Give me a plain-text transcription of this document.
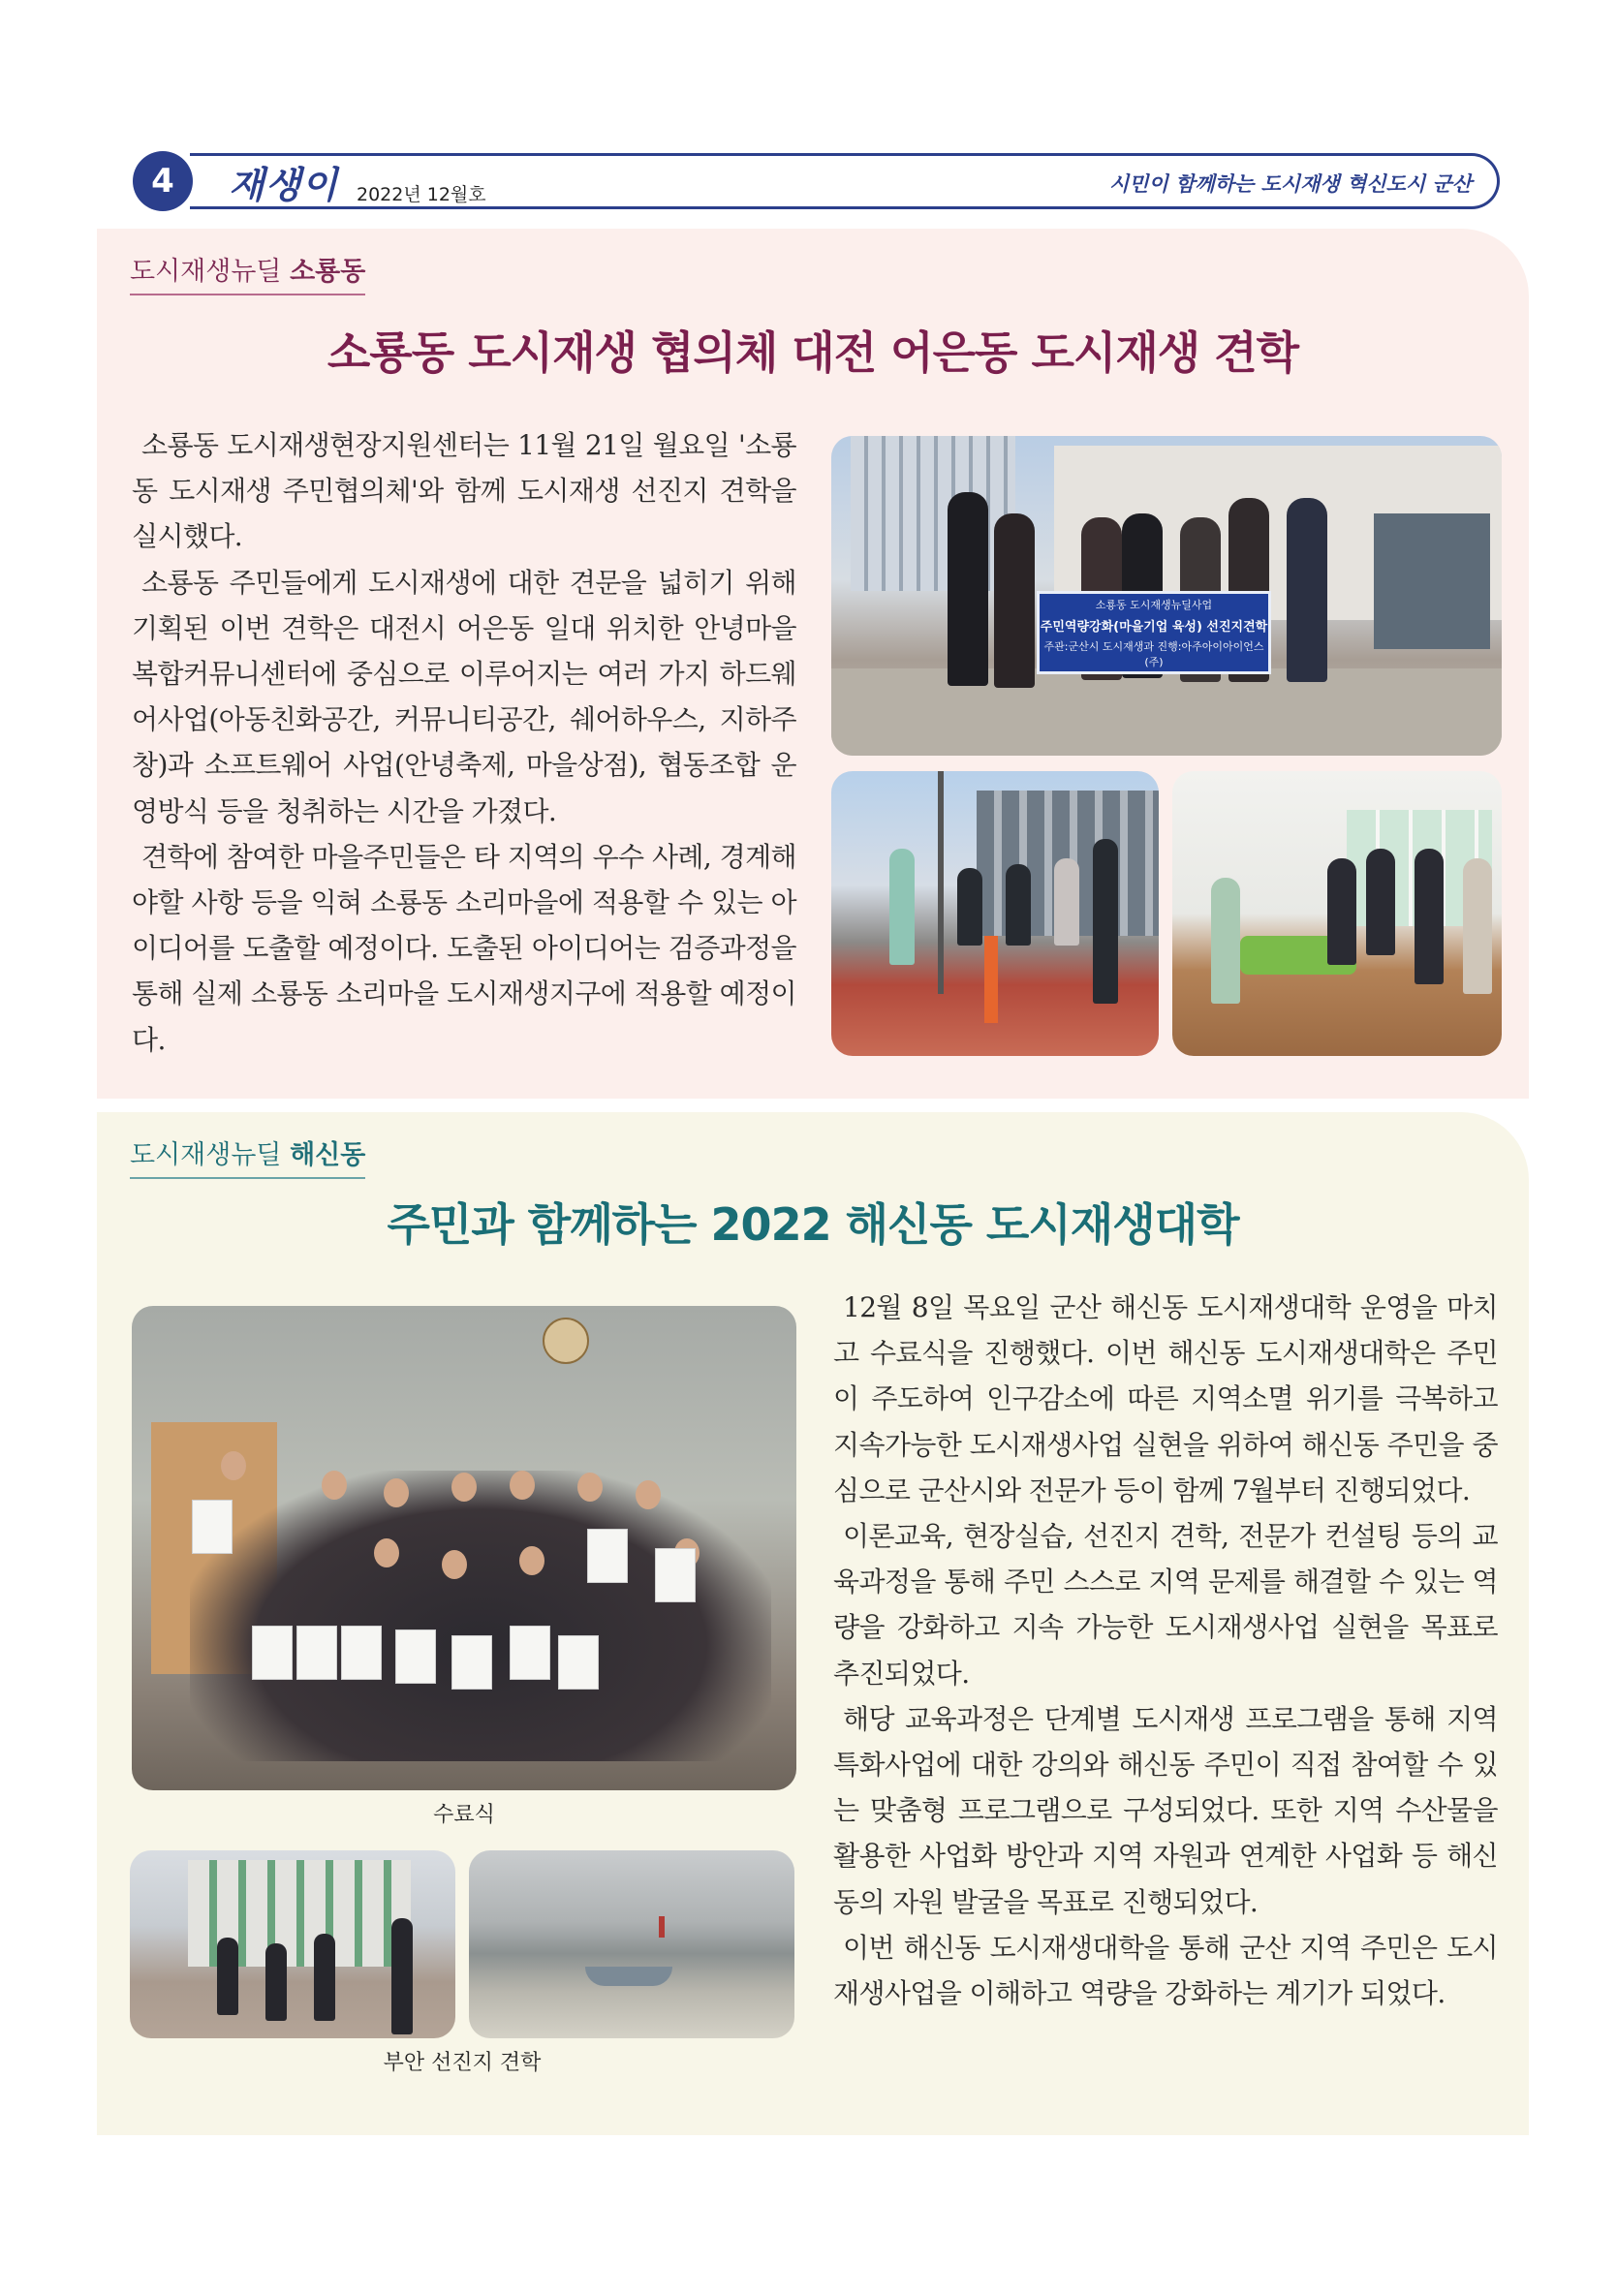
4	재생이 2022년 12월호	시민이 함께하는 도시재생 혁신도시 군산
도시재생뉴딜 소룡동
소룡동 도시재생 협의체 대전 어은동 도시재생 견학

소룡동 도시재생현장지원센터는 11월 21일 월요일 '소룡동 도시재생 주민협의체'와 함께 도시재생 선진지 견학을 실시했다.

소룡동 주민들에게 도시재생에 대한 견문을 넓히기 위해 기획된 이번 견학은 대전시 어은동 일대 위치한 안녕마을 복합커뮤니센터에 중심으로 이루어지는 여러 가지 하드웨어사업(아동친화공간, 커뮤니티공간, 쉐어하우스, 지하주창)과 소프트웨어 사업(안녕축제, 마을상점), 협동조합 운영방식 등을 청취하는 시간을 가졌다.

견학에 참여한 마을주민들은 타 지역의 우수 사례, 경계해야할 사항 등을 익혀 소룡동 소리마을에 적용할 수 있는 아이디어를 도출할 예정이다. 도출된 아이디어는 검증과정을 통해 실제 소룡동 소리마을 도시재생지구에 적용할 예정이다.

소룡동 도시재생뉴딜사업
주민역량강화(마을기업 육성) 선진지견학
주관:군산시 도시재생과 진행:아주아이아이언스(주)
도시재생뉴딜 해신동
주민과 함께하는 2022 해신동 도시재생대학
수료식
부안 선진지 견학

12월 8일 목요일 군산 해신동 도시재생대학 운영을 마치고 수료식을 진행했다. 이번 해신동 도시재생대학은 주민이 주도하여 인구감소에 따른 지역소멸 위기를 극복하고 지속가능한 도시재생사업 실현을 위하여 해신동 주민을 중심으로 군산시와 전문가 등이 함께 7월부터 진행되었다.

이론교육, 현장실습, 선진지 견학, 전문가 컨설팅 등의 교육과정을 통해 주민 스스로 지역 문제를 해결할 수 있는 역량을 강화하고 지속 가능한 도시재생사업 실현을 목표로 추진되었다.

해당 교육과정은 단계별 도시재생 프로그램을 통해 지역특화사업에 대한 강의와 해신동 주민이 직접 참여할 수 있는 맞춤형 프로그램으로 구성되었다. 또한 지역 수산물을 활용한 사업화 방안과 지역 자원과 연계한 사업화 등 해신동의 자원 발굴을 목표로 진행되었다.

이번 해신동 도시재생대학을 통해 군산 지역 주민은 도시재생사업을 이해하고 역량을 강화하는 계기가 되었다.
